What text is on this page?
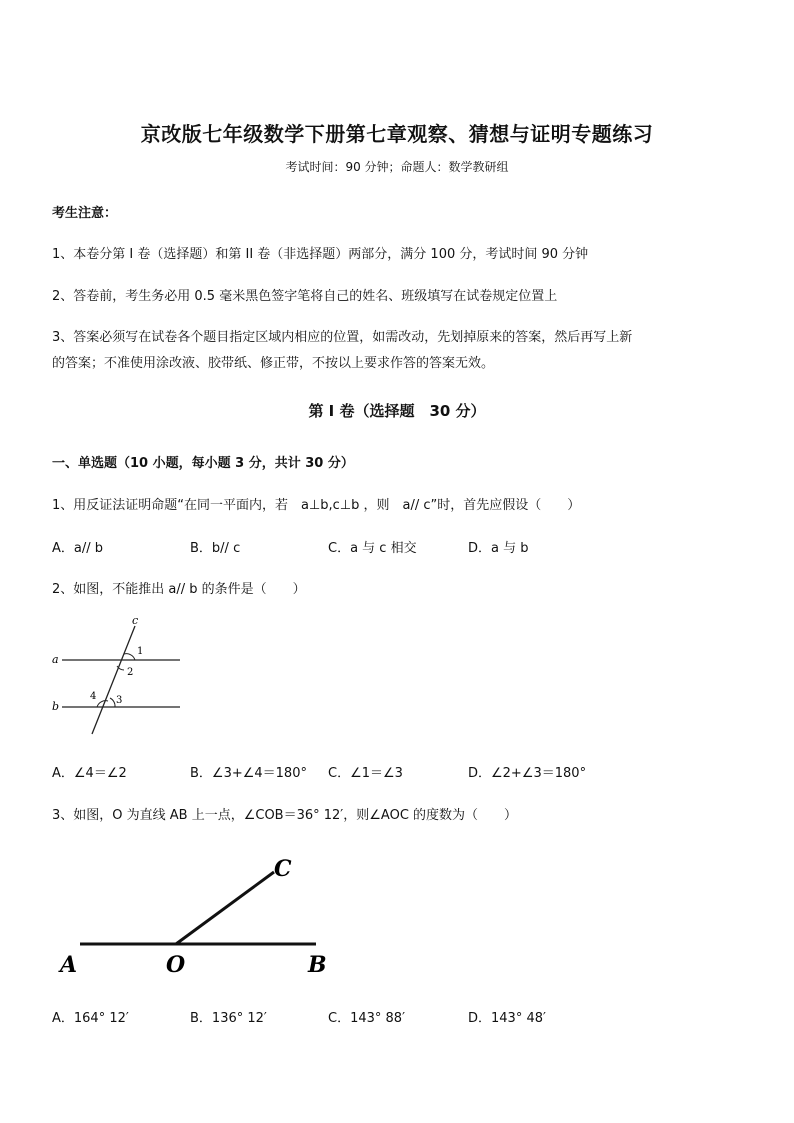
京改版七年级数学下册第七章观察、猜想与证明专题练习
考试时间：90 分钟；命题人：数学教研组
考生注意：
1、本卷分第 I 卷（选择题）和第 II 卷（非选择题）两部分，满分 100 分，考试时间 90 分钟
2、答卷前，考生务必用 0.5 毫米黑色签字笔将自己的姓名、班级填写在试卷规定位置上
3、答案必须写在试卷各个题目指定区域内相应的位置，如需改动，先划掉原来的答案，然后再写上新
的答案；不准使用涂改液、胶带纸、修正带，不按以上要求作答的答案无效。
第 I 卷（选择题　30 分）
一、单选题（10 小题，每小题 3 分，共计 30 分）
1、用反证法证明命题“在同一平面内，若　a⊥b,c⊥b ，则　a// c”时，首先应假设（　　）
A．a// b	B．b// c	C．a 与 c 相交	D．a 与 b
2、如图，不能推出 a// b 的条件是（　　）
a
b
c
1
2
3
4
A．∠4＝∠2	B．∠3+∠4＝180° C．∠1＝∠3	D．∠2+∠3＝180°
3、如图，O 为直线 AB 上一点，∠COB＝36° 12′，则∠AOC 的度数为（　　）
A	O	B
C
A．164° 12′	B．136° 12′	C．143° 88′	D．143° 48′
